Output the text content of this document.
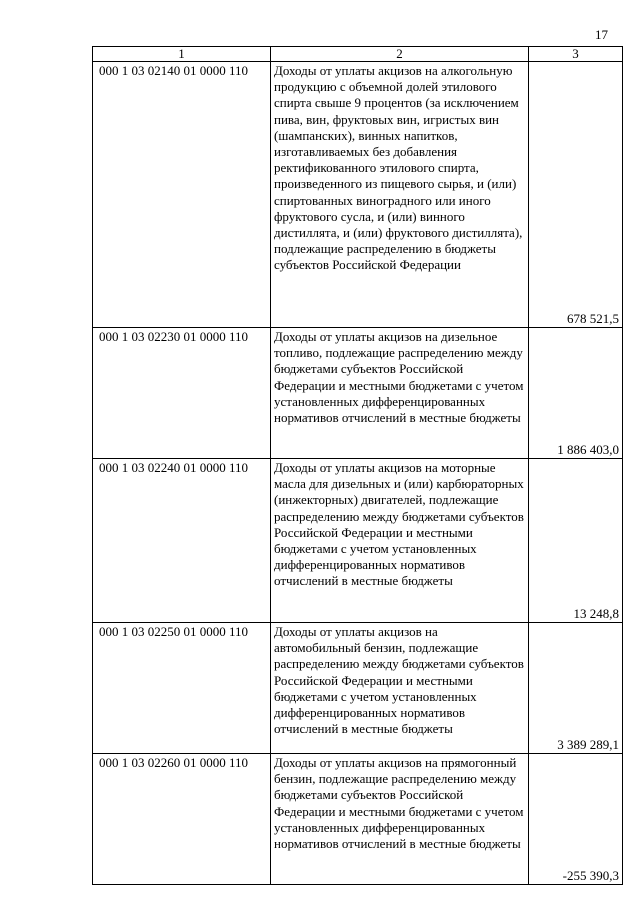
17
1	2	3
000 1 03 02140 01 0000 110	Доходы от уплаты акцизов на алкогольную продукцию с объемной долей этилового спирта свыше 9 процентов (за исключением пива, вин, фруктовых вин, игристых вин (шампанских), винных напитков, изготавливаемых без добавления ректификованного этилового спирта, произведенного из пищевого сырья, и (или) спиртованных виноградного или иного фруктового сусла, и (или) винного дистиллята, и (или) фруктового дистиллята), подлежащие распределению в бюджеты субъектов Российской Федерации	678 521,5
000 1 03 02230 01 0000 110	Доходы от уплаты акцизов на дизельное топливо, подлежащие распределению между бюджетами субъектов Российской Федерации и местными бюджетами с учетом установленных дифференцированных нормативов отчислений в местные бюджеты	1 886 403,0
000 1 03 02240 01 0000 110	Доходы от уплаты акцизов на моторные масла для дизельных и (или) карбюраторных (инжекторных) двигателей, подлежащие распределению между бюджетами субъектов Российской Федерации и местными бюджетами с учетом установленных дифференцированных нормативов отчислений в местные бюджеты	13 248,8
000 1 03 02250 01 0000 110	Доходы от уплаты акцизов на автомобильный бензин, подлежащие распределению между бюджетами субъектов Российской Федерации и местными бюджетами с учетом установленных дифференцированных нормативов отчислений в местные бюджеты	3 389 289,1
000 1 03 02260 01 0000 110	Доходы от уплаты акцизов на прямогонный бензин, подлежащие распределению между бюджетами субъектов Российской Федерации и местными бюджетами с учетом установленных дифференцированных нормативов отчислений в местные бюджеты	-255 390,3
